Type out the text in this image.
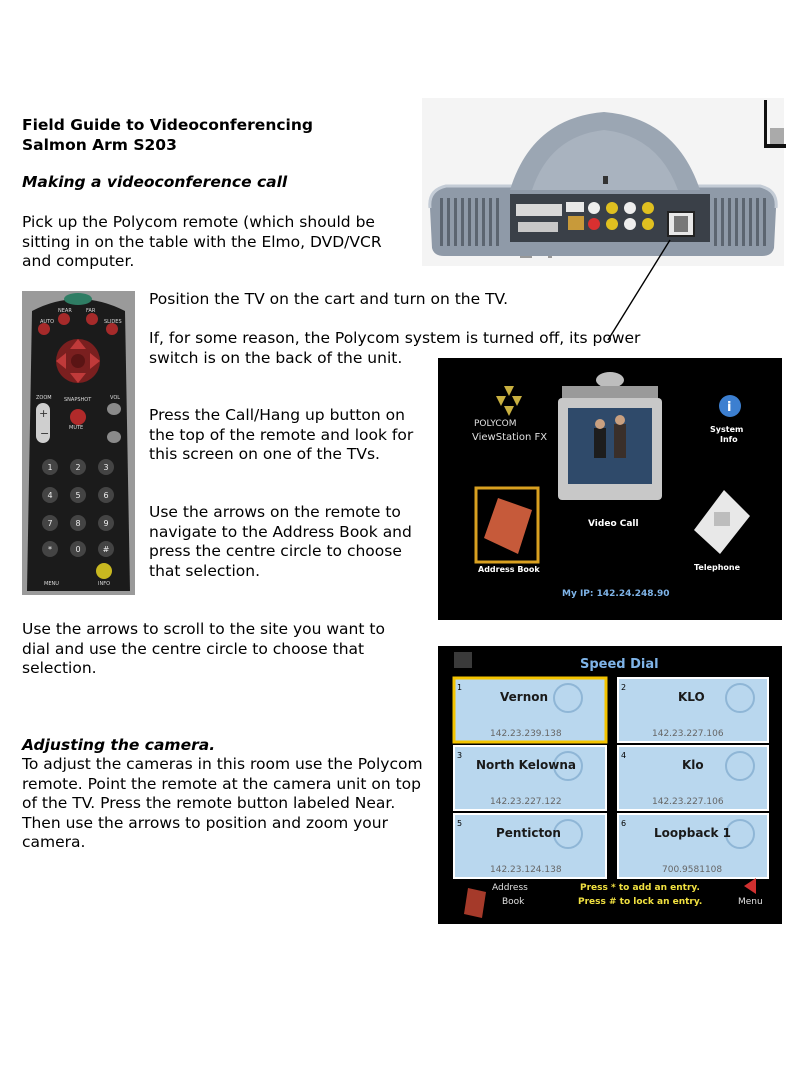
Field Guide to Videoconferencing
Salmon Arm S203
Making a videoconference call
Pick up the Polycom remote (which should be sitting in on the table with the Elmo, DVD/VCR and computer.
Position the TV on the cart and turn on the TV.
If, for some reason, the Polycom system is turned off, its power switch is on the back of the unit.
Press the Call/Hang up button on the top of the remote and look for this screen on one of the TVs.
Use the arrows on the remote to navigate to the Address Book and press the centre circle to choose that selection.
Use the arrows to scroll to the site you want to dial and use the centre circle to choose that selection.
Adjusting the camera.
To adjust the cameras in this room use the Polycom remote. Point the remote at the camera unit on top of the TV. Press the remote button labeled Near. Then use the arrows to position and zoom your camera.
AUTO
NEAR	FAR
SLIDES
ZOOM SNAPSHOT	VOL
+
−	MUTE
1	2	3
4	5	6
7	8	9
*	0	#
MENU	INFO
POLYCOM
ViewStation FX
Video Call
i
System
Info
Address Book	Telephone
My IP: 142.24.248.90
Speed Dial
1
Vernon
142.23.239.138
2
KLO
142.23.227.106
3
North Kelowna
142.23.227.122
4
Klo
142.23.227.106
5
Penticton
142.23.124.138
6
Loopback 1
700.9581108
Address
Book
Press * to add an entry.
Press # to lock an entry.	Menu
